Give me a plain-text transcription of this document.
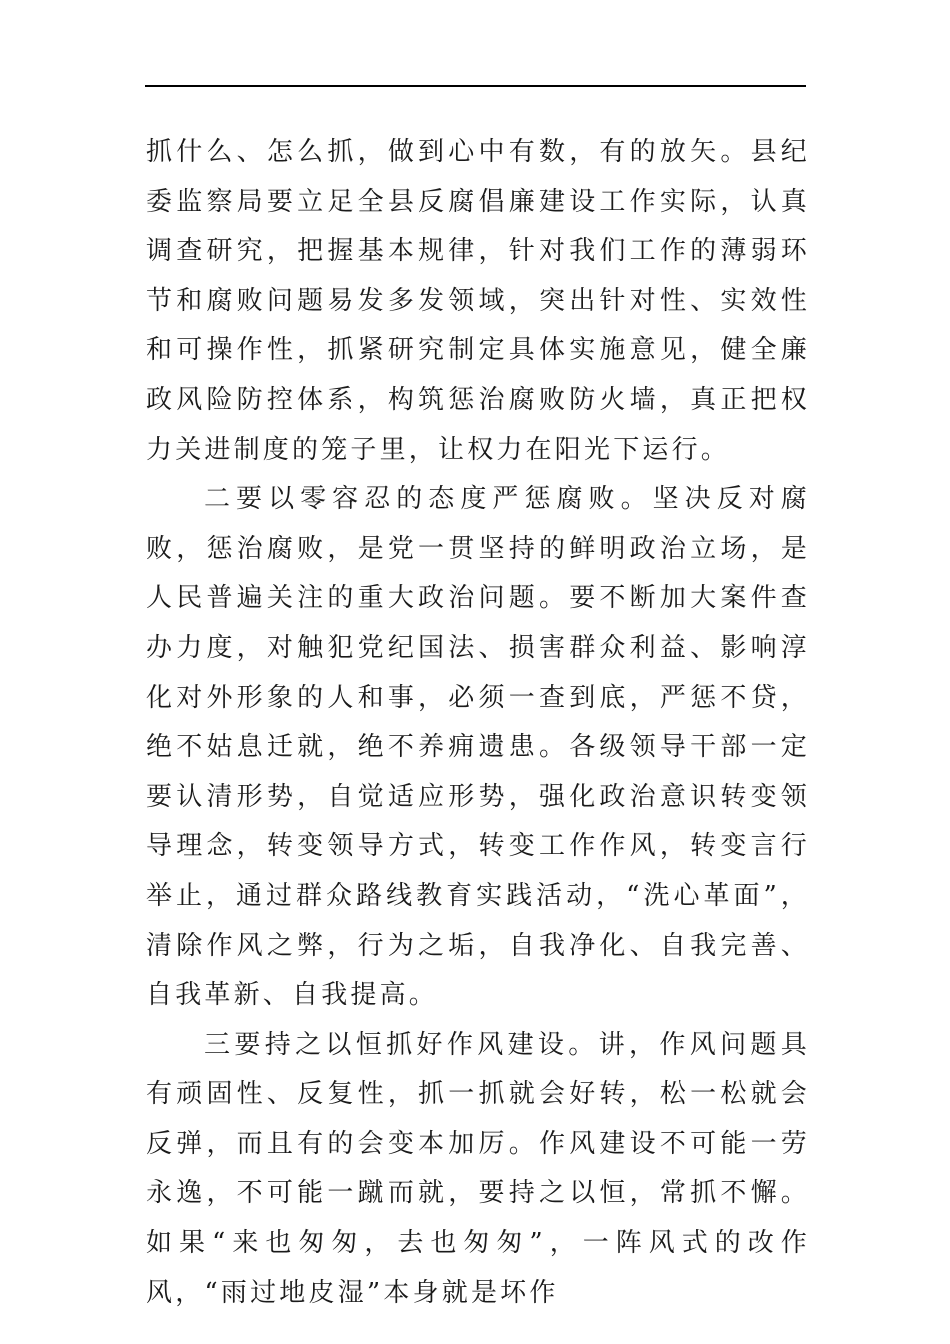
抓什么、怎么抓，做到心中有数，有的放矢。县纪委监察局要立足全县反腐倡廉建设工作实际，认真调查研究，把握基本规律，针对我们工作的薄弱环节和腐败问题易发多发领域，突出针对性、实效性和可操作性，抓紧研究制定具体实施意见，健全廉政风险防控体系，构筑惩治腐败防火墙，真正把权力关进制度的笼子里，让权力在阳光下运行。

二要以零容忍的态度严惩腐败。坚决反对腐败，惩治腐败，是党一贯坚持的鲜明政治立场，是人民普遍关注的重大政治问题。要不断加大案件查办力度，对触犯党纪国法、损害群众利益、影响淳化对外形象的人和事，必须一查到底，严惩不贷，绝不姑息迁就，绝不养痈遗患。各级领导干部一定要认清形势，自觉适应形势，强化政治意识转变领导理念，转变领导方式，转变工作作风，转变言行举止，通过群众路线教育实践活动，“洗心革面”，清除作风之弊，行为之垢，自我净化、自我完善、自我革新、自我提高。

三要持之以恒抓好作风建设。讲，作风问题具有顽固性、反复性，抓一抓就会好转，松一松就会反弹，而且有的会变本加厉。作风建设不可能一劳永逸，不可能一蹴而就，要持之以恒，常抓不懈。如果“来也匆匆，去也匆匆”，一阵风式的改作风，“雨过地皮湿”本身就是坏作
